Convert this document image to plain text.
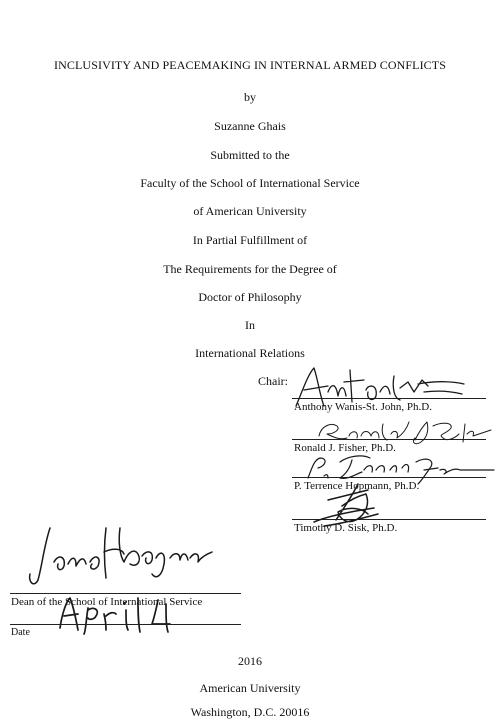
INCLUSIVITY AND PEACEMAKING IN INTERNAL ARMED CONFLICTS
by
Suzanne Ghais
Submitted to the
Faculty of the School of International Service
of American University
In Partial Fulfillment of
The Requirements for the Degree of
Doctor of Philosophy
In
International Relations
Chair:
Anthony Wanis-St. John, Ph.D.
Ronald J. Fisher, Ph.D.
P. Terrence Hopmann, Ph.D.
Timothy D. Sisk, Ph.D.
Dean of the School of International Service
Date
2016
American University
Washington, D.C. 20016
